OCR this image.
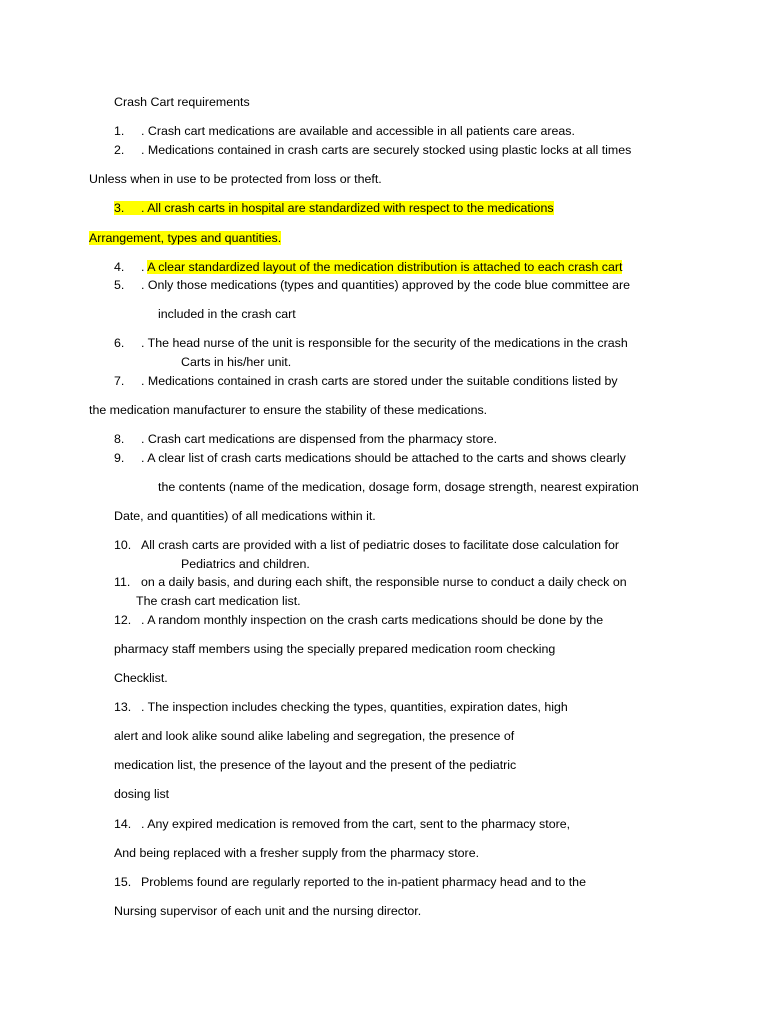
Crash Cart requirements
1. . Crash cart medications are available and accessible in all patients care areas.
2. . Medications contained in crash carts are securely stocked using plastic locks at all times
Unless when in use to be protected from loss or theft.
3. . All crash carts in hospital are standardized with respect to the medications
Arrangement, types and quantities.
4. . A clear standardized layout of the medication distribution is attached to each crash cart
5. . Only those medications (types and quantities) approved by the code blue committee are
included in the crash cart
6. . The head nurse of the unit is responsible for the security of the medications in the crash
Carts in his/her unit.
7. . Medications contained in crash carts are stored under the suitable conditions listed by
the medication manufacturer to ensure the stability of these medications.
8. . Crash cart medications are dispensed from the pharmacy store.
9. . A clear list of crash carts medications should be attached to the carts and shows clearly
the contents (name of the medication, dosage form, dosage strength, nearest expiration
Date, and quantities) of all medications within it.
10. All crash carts are provided with a list of pediatric doses to facilitate dose calculation for
Pediatrics and children.
11. on a daily basis, and during each shift, the responsible nurse to conduct a daily check on
The crash cart medication list.
12. . A random monthly inspection on the crash carts medications should be done by the
pharmacy staff members using the specially prepared medication room checking
Checklist.
13. . The inspection includes checking the types, quantities, expiration dates, high
alert and look alike sound alike labeling and segregation, the presence of
medication list, the presence of the layout and the present of the pediatric
dosing list
14. . Any expired medication is removed from the cart, sent to the pharmacy store,
And being replaced with a fresher supply from the pharmacy store.
15. Problems found are regularly reported to the in-patient pharmacy head and to the
Nursing supervisor of each unit and the nursing director.
